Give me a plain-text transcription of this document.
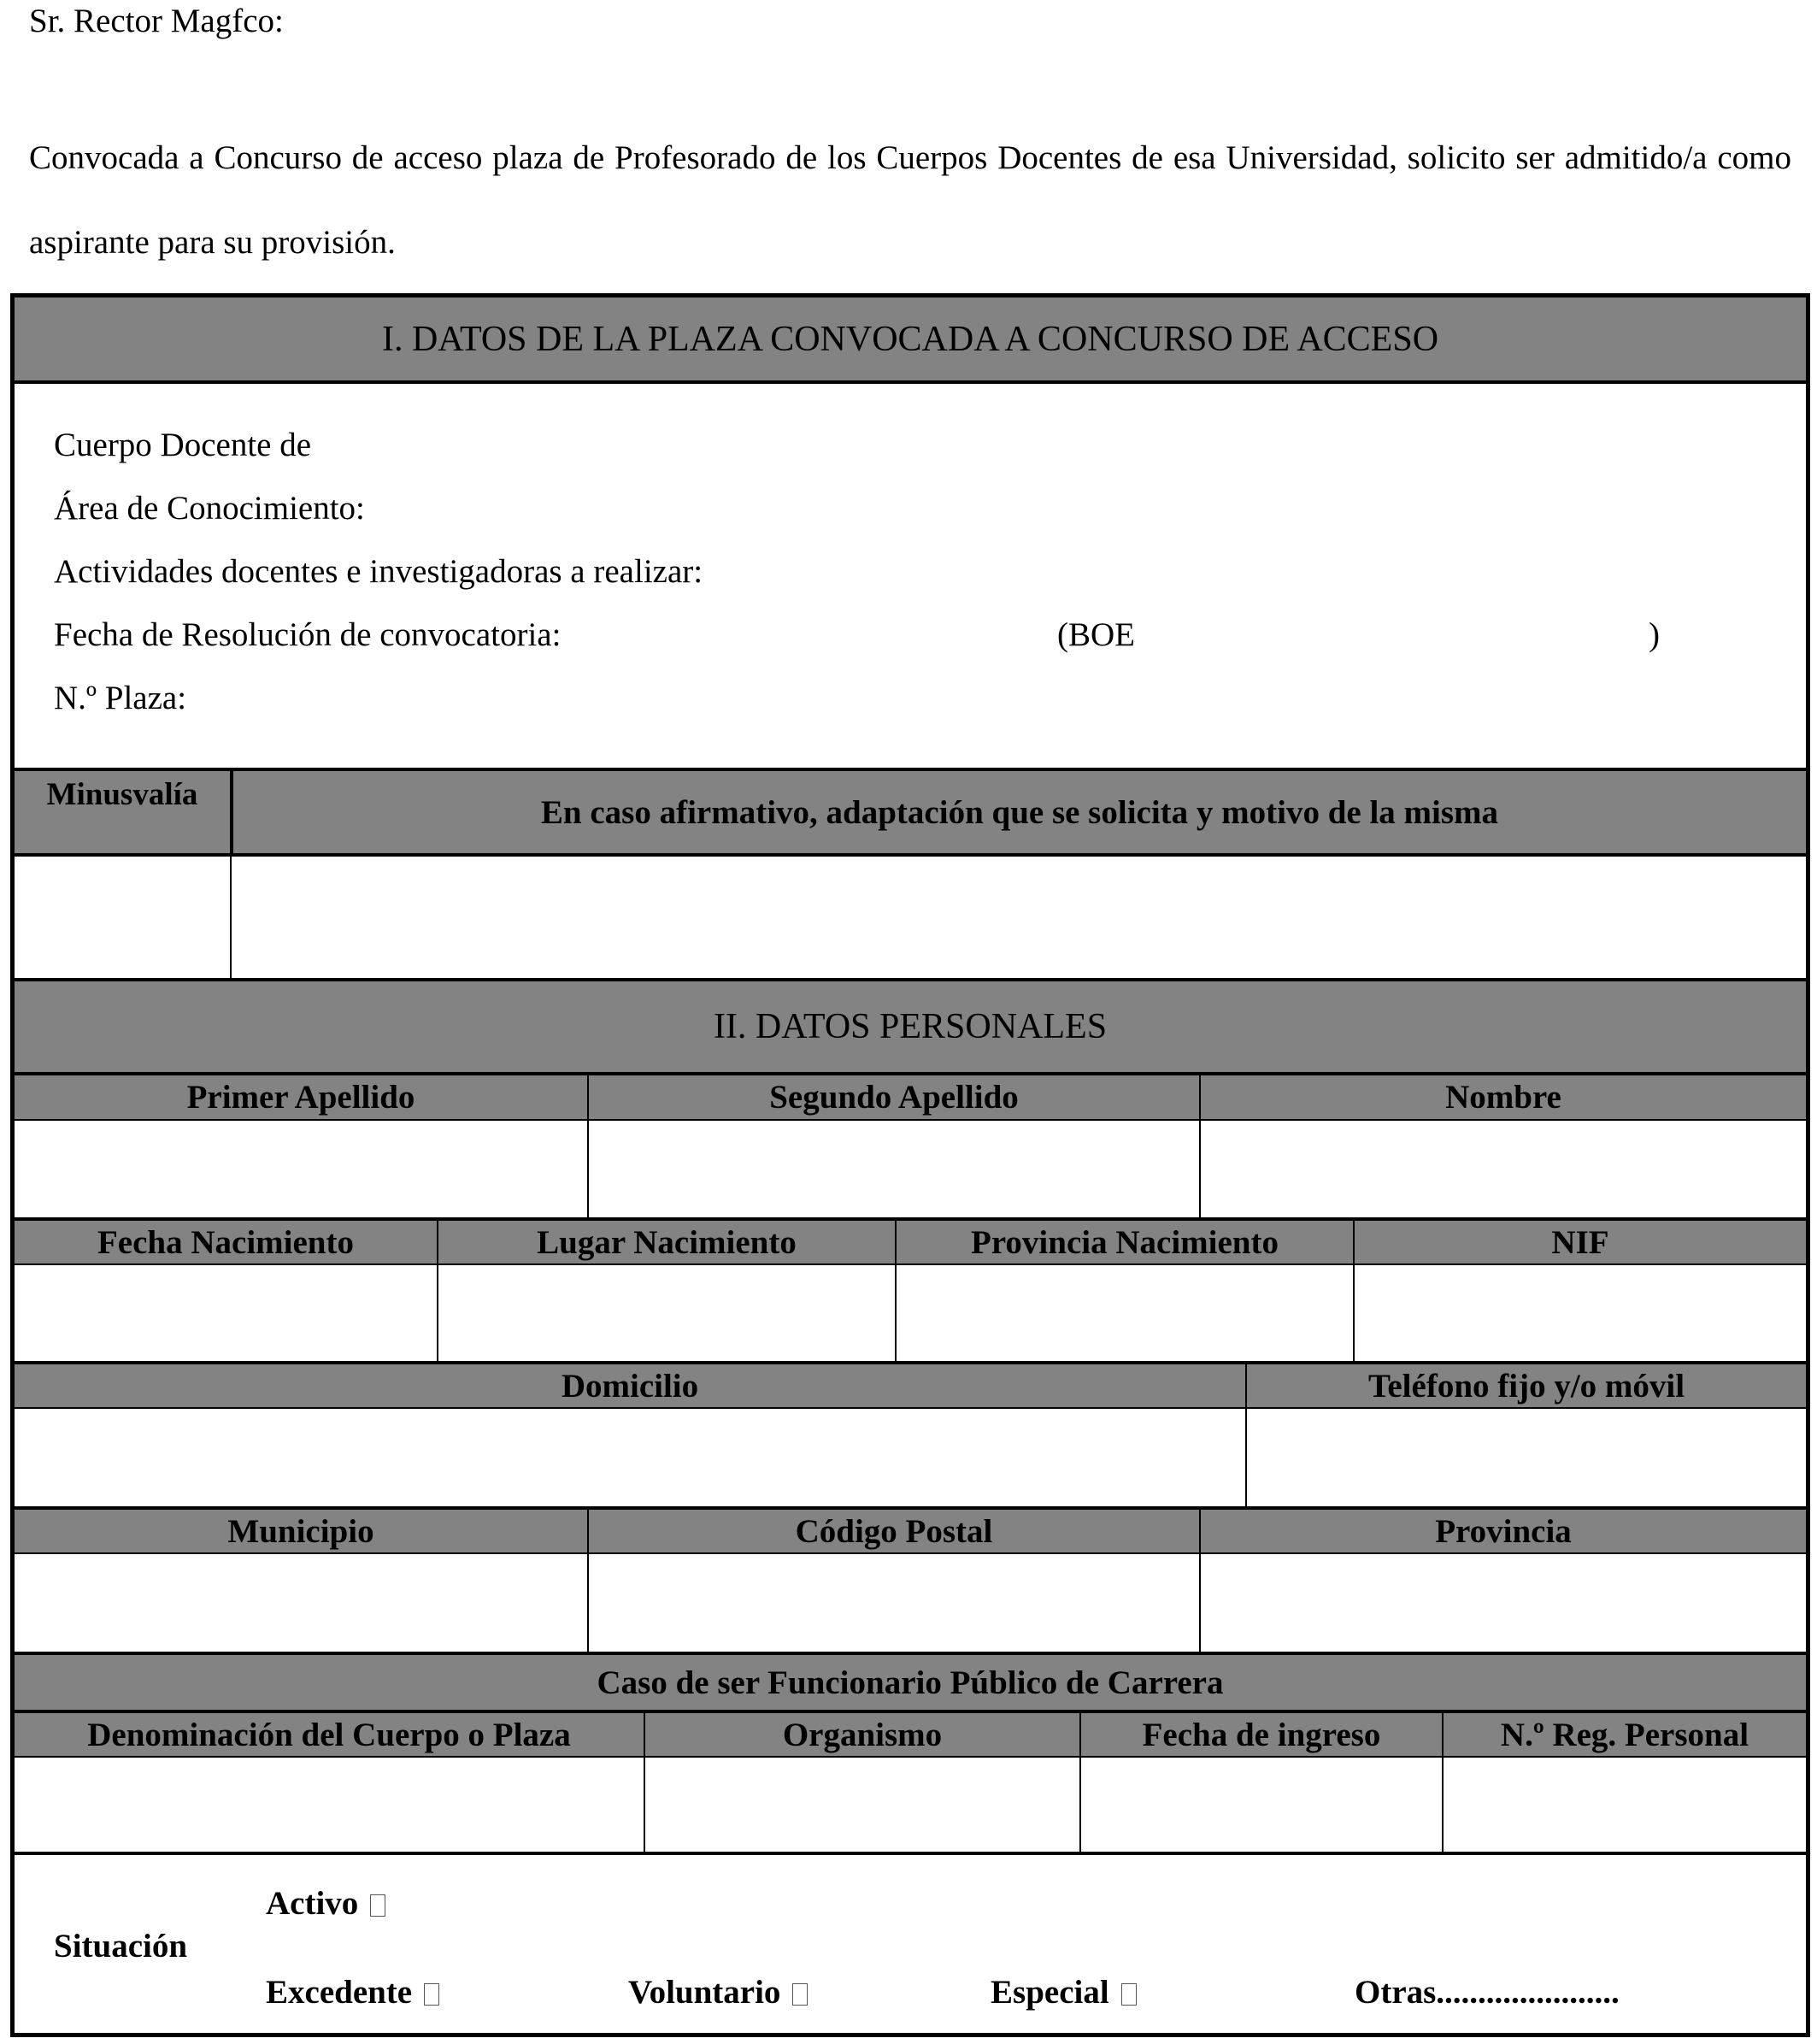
Sr. Rector Magfco:
Convocada a Concurso de acceso plaza de Profesorado de los Cuerpos Docentes de esa Universidad, solicito ser admitido/a como aspirante para su provisión.
I. DATOS DE LA PLAZA CONVOCADA A CONCURSO DE ACCESO
Cuerpo Docente de
Área de Conocimiento:
Actividades docentes e investigadoras a realizar:
Fecha de Resolución de convocatoria:	(BOE	)
N.º Plaza:
Minusvalía	En caso afirmativo, adaptación que se solicita y motivo de la misma
II. DATOS PERSONALES
Primer Apellido	Segundo Apellido	Nombre
Fecha Nacimiento	Lugar Nacimiento	Provincia Nacimiento	NIF
Domicilio	Teléfono fijo y/o móvil
Municipio	Código Postal	Provincia
Caso de ser Funcionario Público de Carrera
Denominación del Cuerpo o Plaza	Organismo	Fecha de ingreso	N.º Reg. Personal
Situación
Activo
Excedente	Voluntario	Especial	Otras......................
